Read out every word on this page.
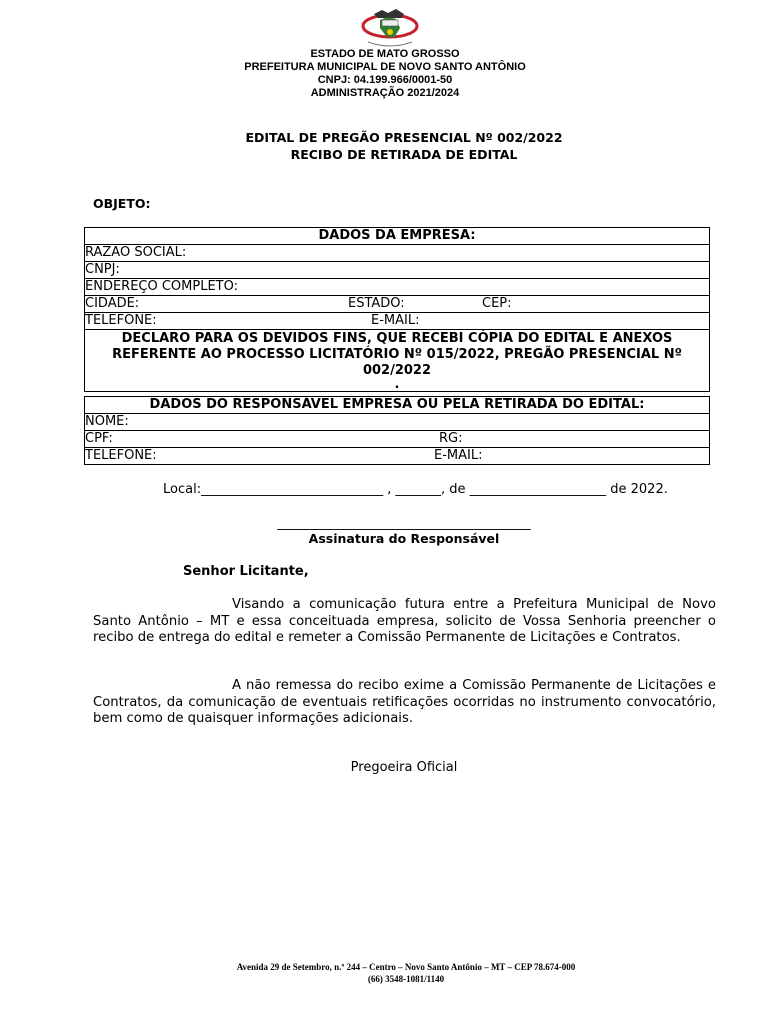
ESTADO DE MATO GROSSO
PREFEITURA MUNICIPAL DE NOVO SANTO ANTÔNIO
CNPJ: 04.199.966/0001-50
ADMINISTRAÇÃO 2021/2024
EDITAL DE PREGÃO PRESENCIAL Nº 002/2022
RECIBO DE RETIRADA DE EDITAL
OBJETO:
DADOS DA EMPRESA:
RAZÃO SOCIAL:
CNPJ:
ENDEREÇO COMPLETO:

CIDADE:	ESTADO:	CEP:

TELEFONE:	E-MAIL:

DECLARO PARA OS DEVIDOS FINS, QUE RECEBI CÓPIA DO EDITAL E ANEXOS REFERENTE AO PROCESSO LICITATÓRIO Nº 015/2022, PREGÃO PRESENCIAL Nº 002/2022
.
DADOS DO RESPONSÁVEL EMPRESA OU PELA RETIRADA DO EDITAL:
NOME:

CPF:	RG:

TELEFONE:	E-MAIL:
Local:____________________________ , _______, de _____________________ de 2022.
_______________________________________
Assinatura do Responsável
Senhor Licitante,
Visando a comunicação futura entre a Prefeitura Municipal de Novo Santo Antônio – MT e essa conceituada empresa, solicito de Vossa Senhoria preencher o recibo de entrega do edital e remeter a Comissão Permanente de Licitações e Contratos.
A não remessa do recibo exime a Comissão Permanente de Licitações e Contratos, da comunicação de eventuais retificações ocorridas no instrumento convocatório, bem como de quaisquer informações adicionais.
Pregoeira Oficial
Avenida 29 de Setembro, n.º 244 – Centro – Novo Santo Antônio – MT – CEP 78.674-000
(66) 3548-1081/1140
